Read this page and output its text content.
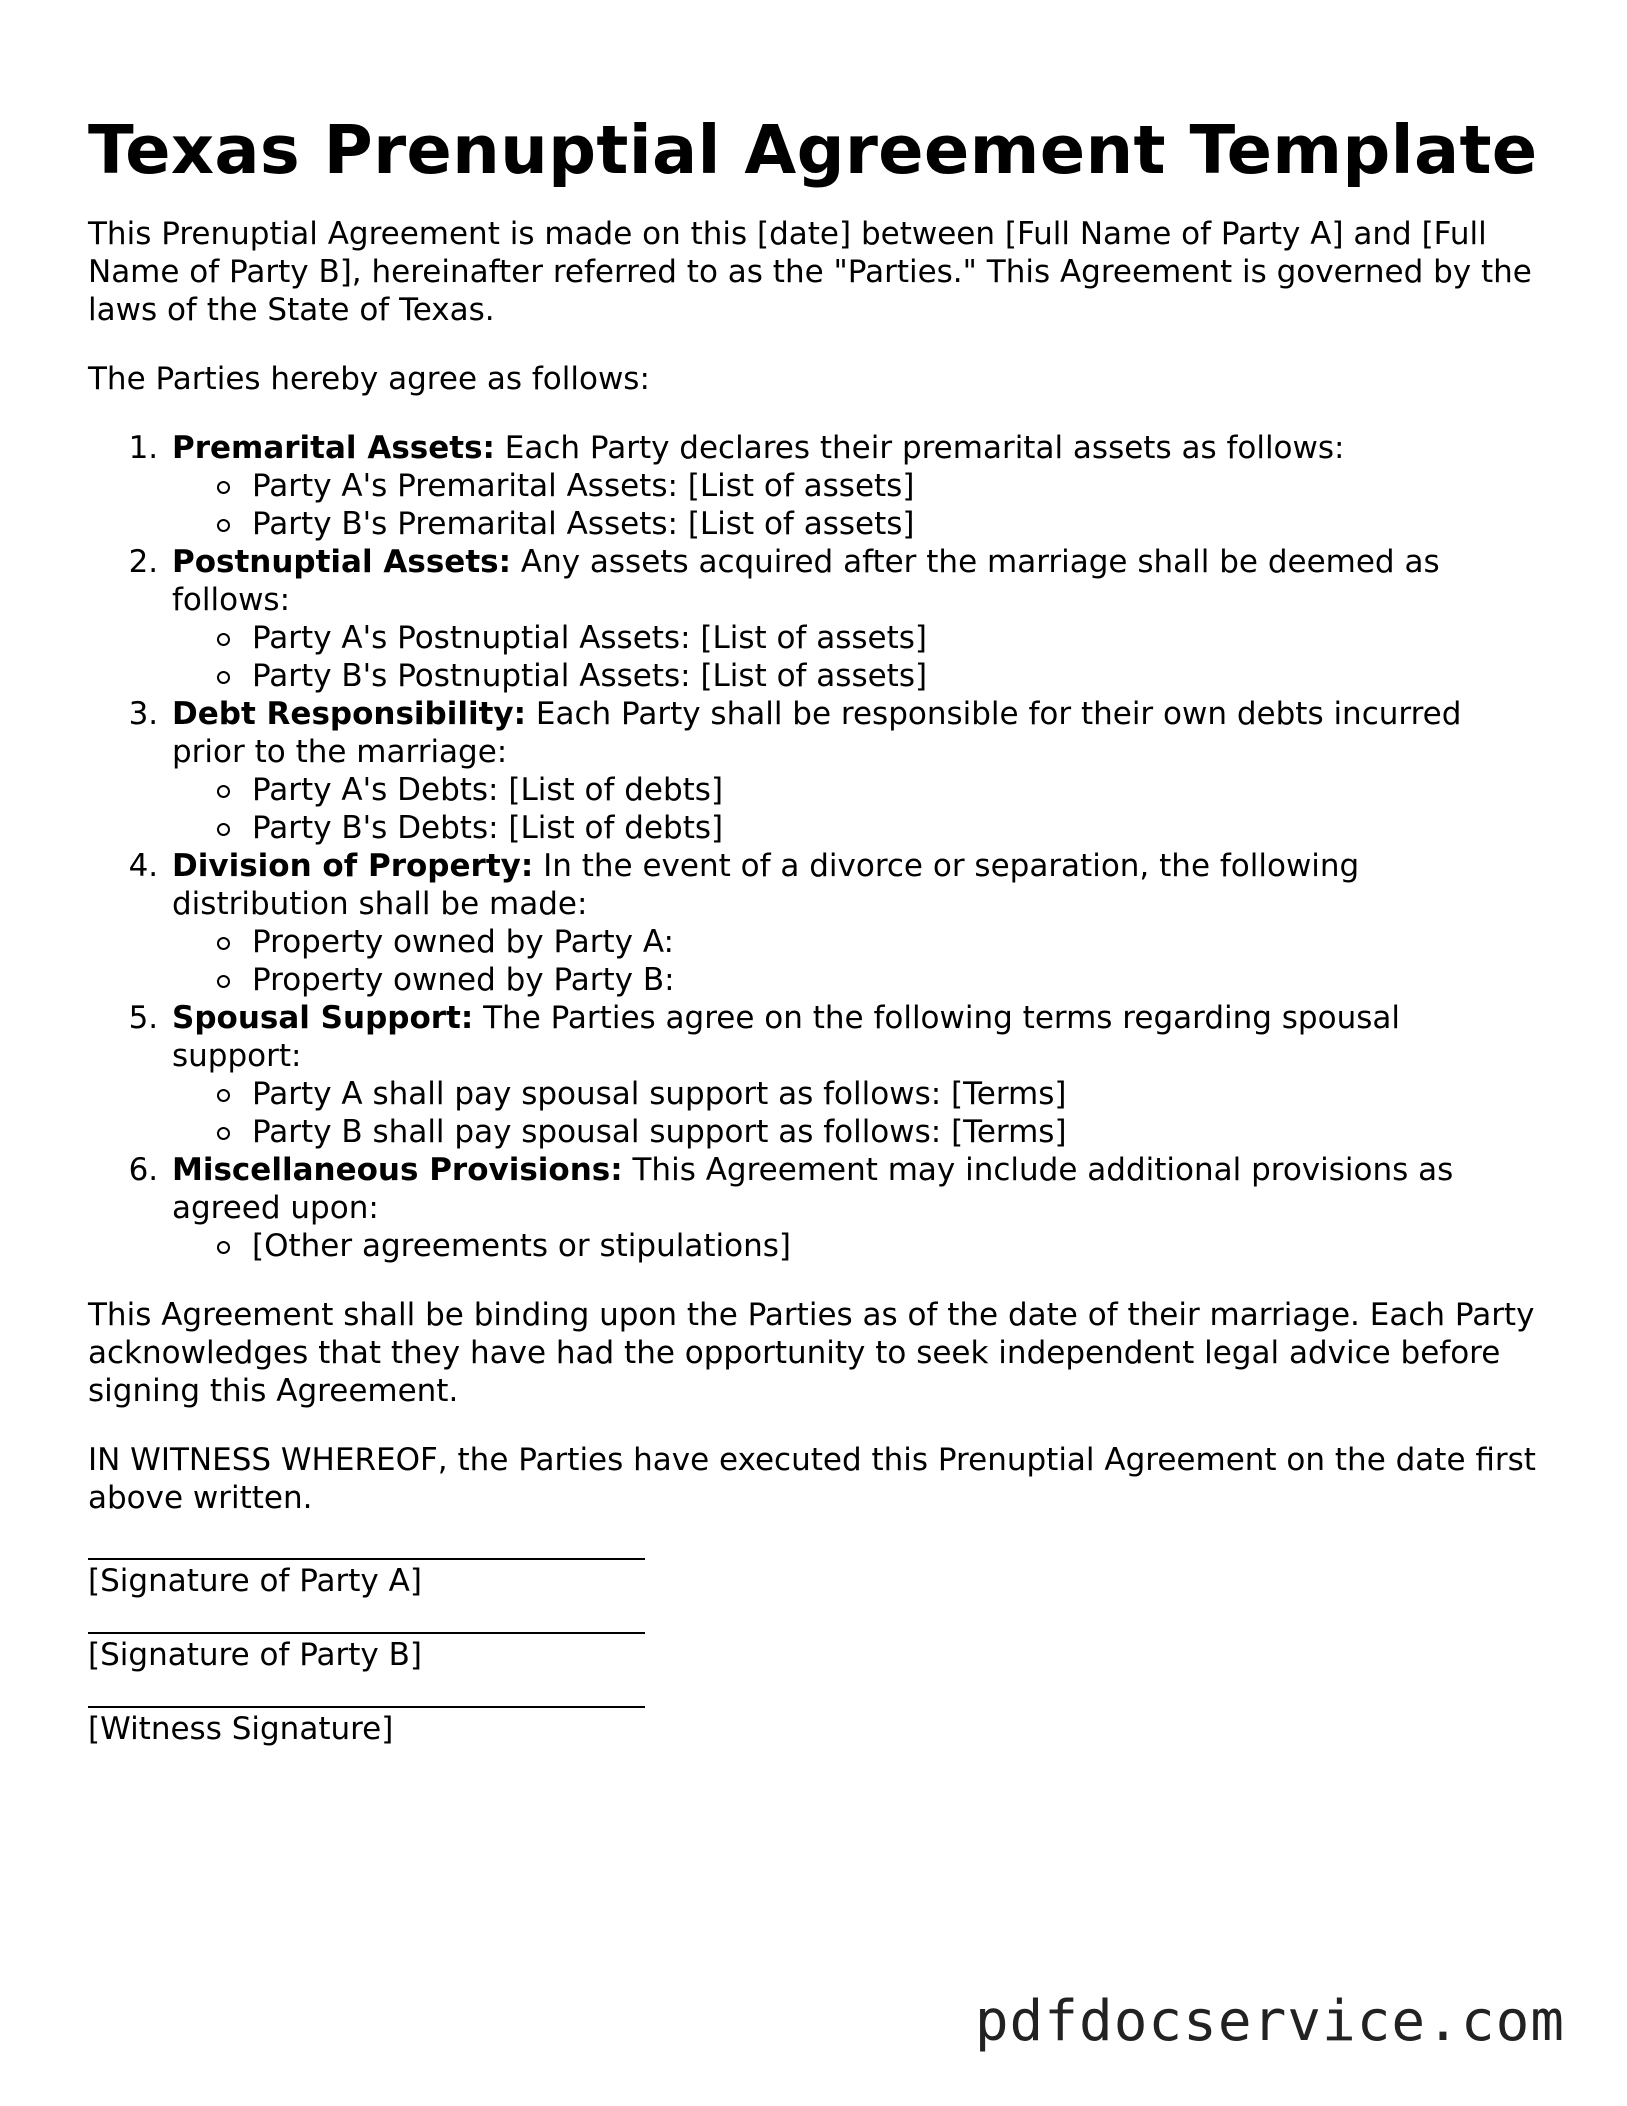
Texas Prenuptial Agreement Template

This Prenuptial Agreement is made on this [date] between [Full Name of Party A] and [Full Name of Party B], hereinafter referred to as the "Parties." This Agreement is governed by the laws of the State of Texas.

The Parties hereby agree as follows:

1. Premarital Assets: Each Party declares their premarital assets as follows:
Party A's Premarital Assets: [List of assets]
Party B's Premarital Assets: [List of assets]
2. Postnuptial Assets: Any assets acquired after the marriage shall be deemed as follows:
Party A's Postnuptial Assets: [List of assets]
Party B's Postnuptial Assets: [List of assets]
3. Debt Responsibility: Each Party shall be responsible for their own debts incurred prior to the marriage:
Party A's Debts: [List of debts]
Party B's Debts: [List of debts]
4. Division of Property: In the event of a divorce or separation, the following distribution shall be made:
Property owned by Party A:
Property owned by Party B:
5. Spousal Support: The Parties agree on the following terms regarding spousal support:
Party A shall pay spousal support as follows: [Terms]
Party B shall pay spousal support as follows: [Terms]
6. Miscellaneous Provisions: This Agreement may include additional provisions as agreed upon:
[Other agreements or stipulations]

This Agreement shall be binding upon the Parties as of the date of their marriage. Each Party acknowledges that they have had the opportunity to seek independent legal advice before signing this Agreement.

IN WITNESS WHEREOF, the Parties have executed this Prenuptial Agreement on the date first above written.

[Signature of Party A]
[Signature of Party B]
[Witness Signature]
pdfdocservice.com
